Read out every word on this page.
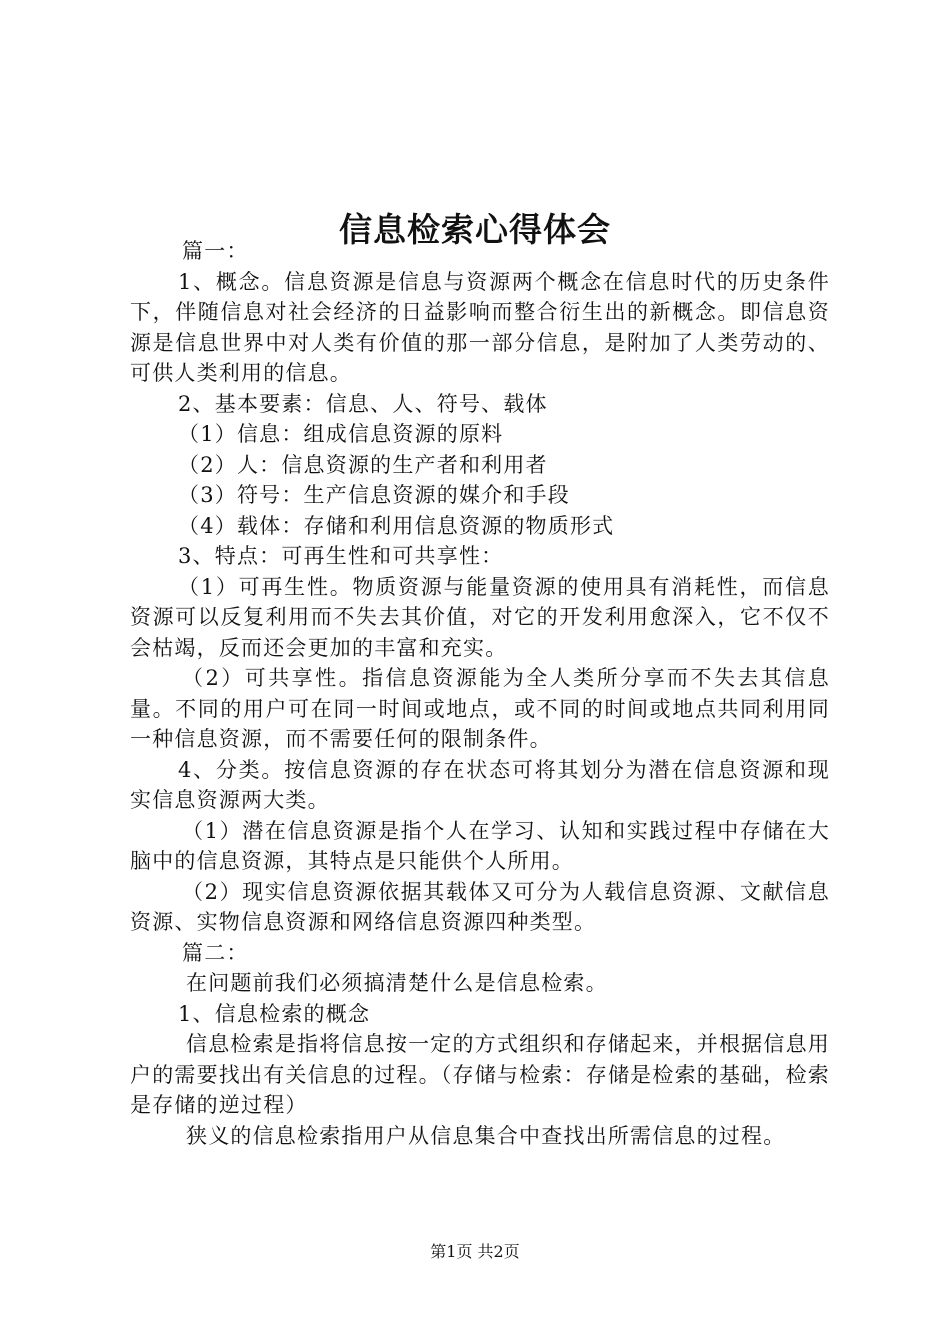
信息检索心得体会

篇一：

1、概念。信息资源是信息与资源两个概念在信息时代的历史条件下，伴随信息对社会经济的日益影响而整合衍生出的新概念。即信息资源是信息世界中对人类有价值的那一部分信息，是附加了人类劳动的、可供人类利用的信息。

2、基本要素：信息、人、符号、载体

（1）信息：组成信息资源的原料

（2）人：信息资源的生产者和利用者

（3）符号：生产信息资源的媒介和手段

（4）载体：存储和利用信息资源的物质形式

3、特点：可再生性和可共享性：

（1）可再生性。物质资源与能量资源的使用具有消耗性，而信息资源可以反复利用而不失去其价值，对它的开发利用愈深入，它不仅不会枯竭，反而还会更加的丰富和充实。

（2）可共享性。指信息资源能为全人类所分享而不失去其信息量。不同的用户可在同一时间或地点，或不同的时间或地点共同利用同一种信息资源，而不需要任何的限制条件。

4、分类。按信息资源的存在状态可将其划分为潜在信息资源和现实信息资源两大类。

（1）潜在信息资源是指个人在学习、认知和实践过程中存储在大脑中的信息资源，其特点是只能供个人所用。

（2）现实信息资源依据其载体又可分为人载信息资源、文献信息资源、实物信息资源和网络信息资源四种类型。

篇二：

在问题前我们必须搞清楚什么是信息检索。

1、信息检索的概念

信息检索是指将信息按一定的方式组织和存储起来，并根据信息用户的需要找出有关信息的过程。（存储与检索：存储是检索的基础，检索是存储的逆过程）

狭义的信息检索指用户从信息集合中查找出所需信息的过程。

第1页 共2页
